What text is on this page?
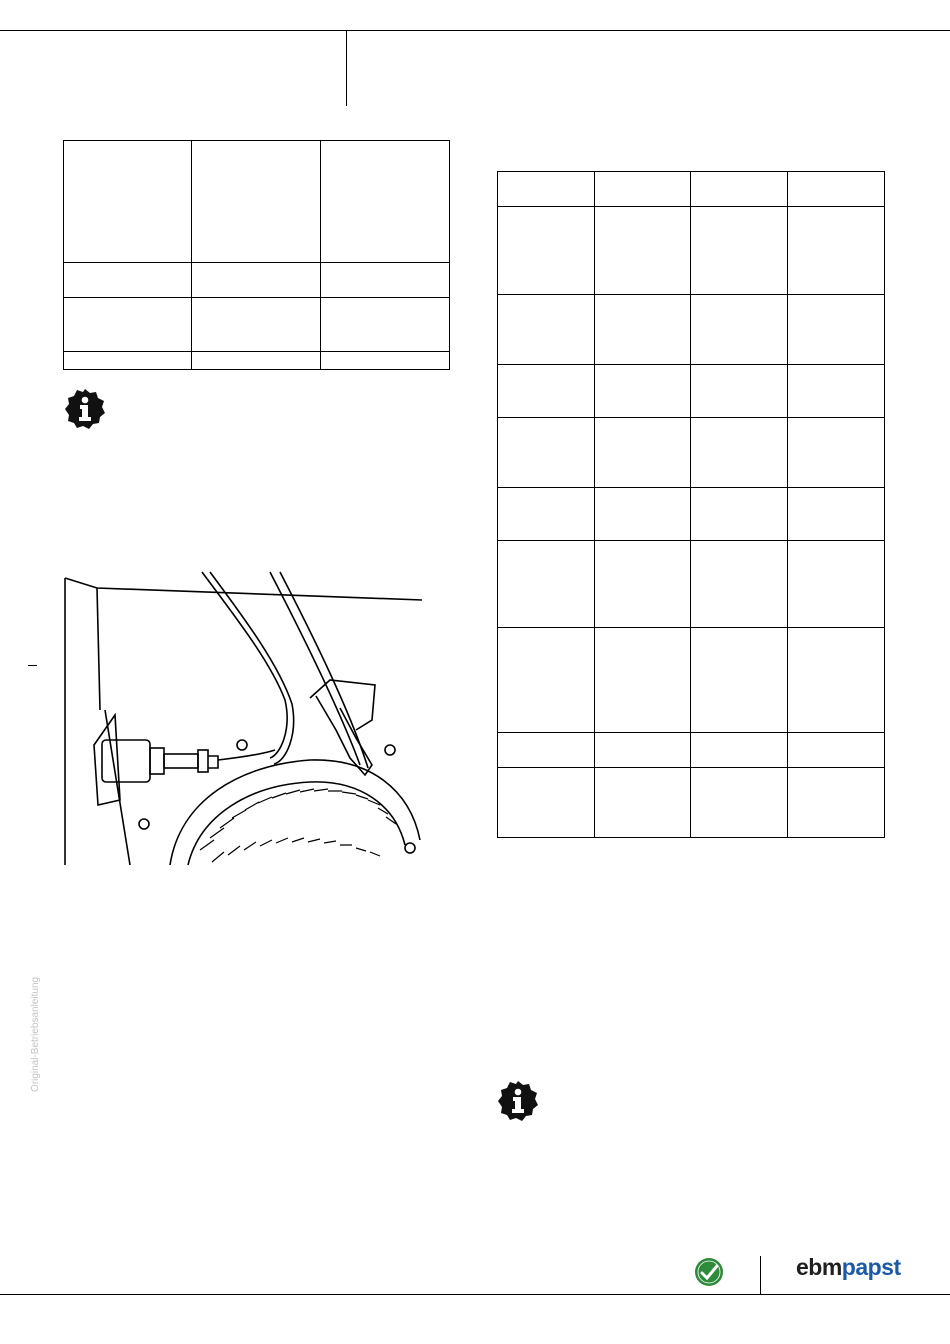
Original-Betriebsanleitung

ebmpapst
